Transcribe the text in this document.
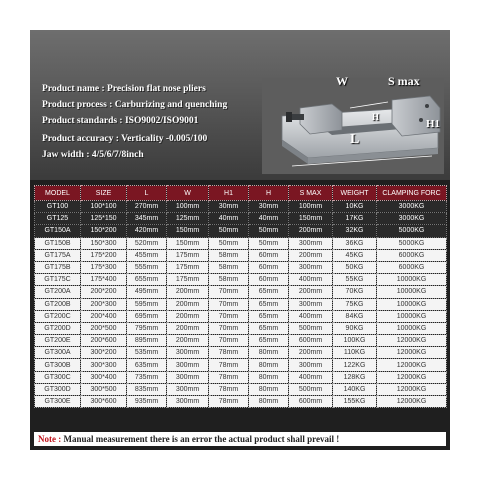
Product name : Precision flat nose pliers
Product process : Carburizing and quenching
Product standards : ISO9002/ISO9001
Product accuracy : Verticality -0.005/100
Jaw width : 4/5/6/7/8inch
W	S max
H
H1
L
MODEL	SIZE	L	W	H1	H	S MAX	WEIGHT	CLAMPING FORC
GT100	100*100	270mm	100mm	30mm	30mm	100mm	10KG	3000KG
GT125	125*150	345mm	125mm	40mm	40mm	150mm	17KG	3000KG
GT150A	150*200	420mm	150mm	50mm	50mm	200mm	32KG	5000KG
GT150B	150*300	520mm	150mm	50mm	50mm	300mm	36KG	5000KG
GT175A	175*200	455mm	175mm	58mm	60mm	200mm	45KG	6000KG
GT175B	175*300	555mm	175mm	58mm	60mm	300mm	50KG	6000KG
GT175C	175*400	655mm	175mm	58mm	60mm	400mm	55KG	10000KG
GT200A	200*200	495mm	200mm	70mm	65mm	200mm	70KG	10000KG
GT200B	200*300	595mm	200mm	70mm	65mm	300mm	75KG	10000KG
GT200C	200*400	695mm	200mm	70mm	65mm	400mm	84KG	10000KG
GT200D	200*500	795mm	200mm	70mm	65mm	500mm	90KG	10000KG
GT200E	200*600	895mm	200mm	70mm	65mm	600mm	100KG	12000KG
GT300A	300*200	535mm	300mm	78mm	80mm	200mm	110KG	12000KG
GT300B	300*300	635mm	300mm	78mm	80mm	300mm	122KG	12000KG
GT300C	300*400	735mm	300mm	78mm	80mm	400mm	128KG	12000KG
GT300D	300*500	835mm	300mm	78mm	80mm	500mm	140KG	12000KG
GT300E	300*600	935mm	300mm	78mm	80mm	600mm	155KG	12000KG
Note : Manual measurement there is an error the actual product shall prevail !
